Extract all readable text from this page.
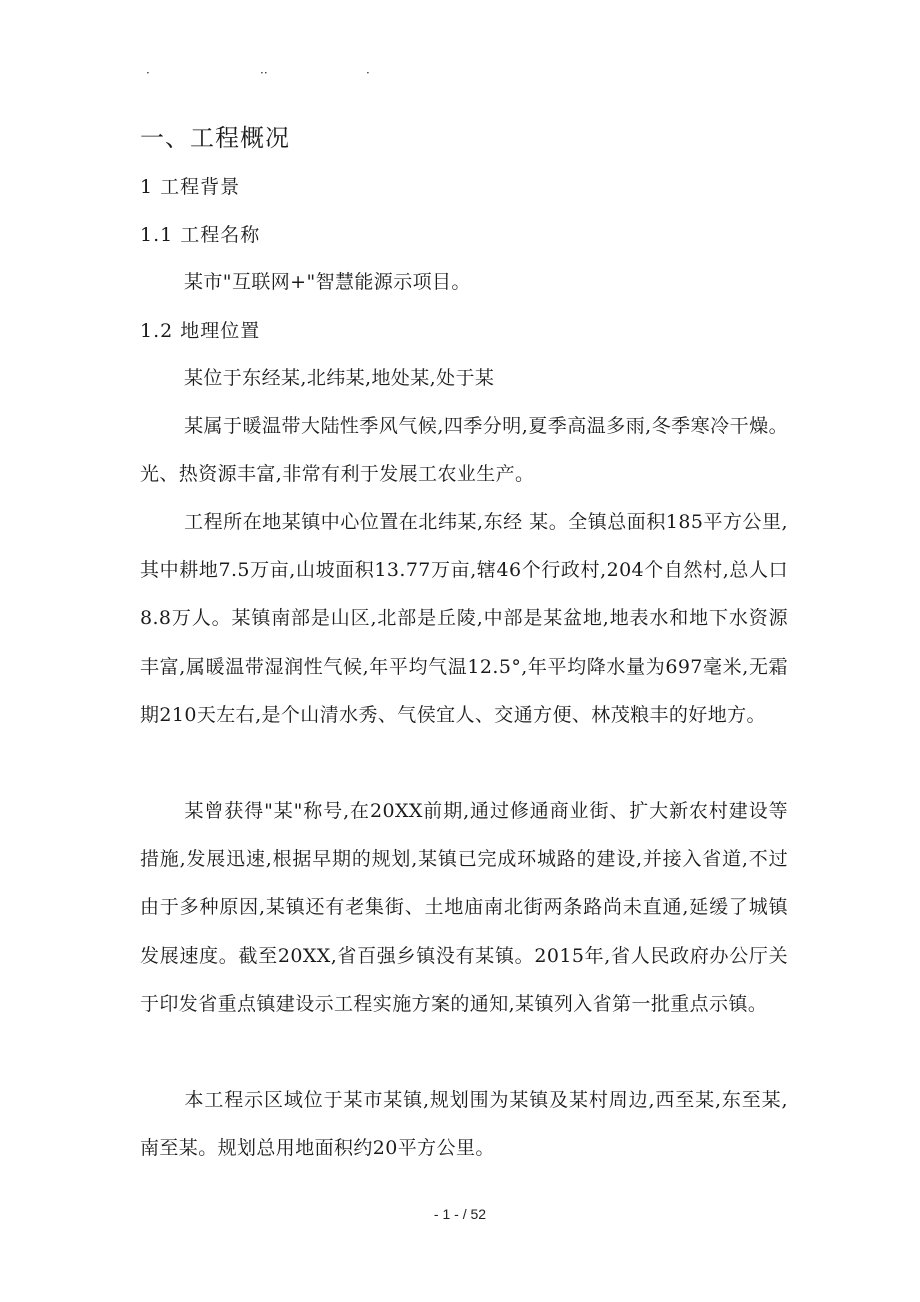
·	··	·
一、工程概况
1 工程背景
1.1 工程名称

某市"互联网+"智慧能源示项目。

1.2 地理位置

某位于东经某,北纬某,地处某,处于某

某属于暖温带大陆性季风气候,四季分明,夏季高温多雨,冬季寒冷干燥。光、热资源丰富,非常有利于发展工农业生产。

工程所在地某镇中心位置在北纬某,东经 某。全镇总面积185平方公里,其中耕地7.5万亩,山坡面积13.77万亩,辖46个行政村,204个自然村,总人口8.8万人。某镇南部是山区,北部是丘陵,中部是某盆地,地表水和地下水资源丰富,属暖温带湿润性气候,年平均气温12.5°,年平均降水量为697毫米,无霜期210天左右,是个山清水秀、气侯宜人、交通方便、林茂粮丰的好地方。

某曾获得"某"称号,在20XX前期,通过修通商业街、扩大新农村建设等措施,发展迅速,根据早期的规划,某镇已完成环城路的建设,并接入省道,不过由于多种原因,某镇还有老集街、土地庙南北街两条路尚未直通,延缓了城镇发展速度。截至20XX,省百强乡镇没有某镇。2015年,省人民政府办公厅关于印发省重点镇建设示工程实施方案的通知,某镇列入省第一批重点示镇。

本工程示区域位于某市某镇,规划围为某镇及某村周边,西至某,东至某,南至某。规划总用地面积约20平方公里。

- 1 - / 52
